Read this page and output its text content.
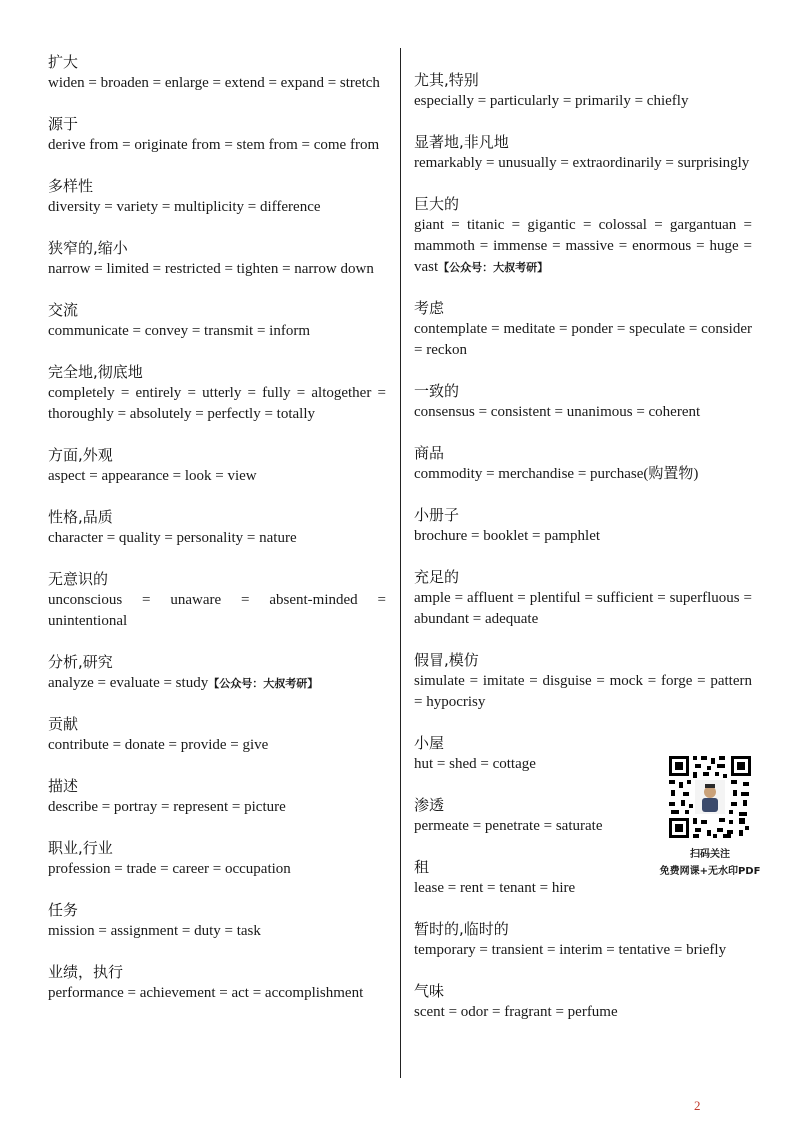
扩大
widen = broaden = enlarge = extend = expand = stretch
源于
derive from = originate from = stem from = come from
多样性
diversity = variety = multiplicity = difference
狭窄的,缩小
narrow = limited = restricted = tighten = narrow down
交流
communicate = convey = transmit = inform
完全地,彻底地
completely = entirely = utterly = fully = altogether = thoroughly = absolutely = perfectly = totally
方面,外观
aspect = appearance = look = view
性格,品质
character = quality = personality = nature
无意识的
unconscious = unaware = absent-minded = unintentional
分析,研究
analyze = evaluate = study【公众号：大叔考研】
贡献
contribute = donate = provide = give
描述
describe = portray = represent = picture
职业,行业
profession = trade = career = occupation
任务
mission = assignment = duty = task
业绩，执行
performance = achievement = act = accomplishment
尤其,特别
especially = particularly = primarily = chiefly
显著地,非凡地
remarkably = unusually = extraordinarily = surprisingly
巨大的
giant = titanic = gigantic = colossal = gargantuan = mammoth = immense = massive = enormous = huge = vast【公众号：大叔考研】
考虑
contemplate = meditate = ponder = speculate = consider = reckon
一致的
consensus = consistent = unanimous = coherent
商品
commodity = merchandise = purchase(购置物)
小册子
brochure = booklet = pamphlet
充足的
ample = affluent = plentiful = sufficient = superfluous = abundant = adequate
假冒,模仿
simulate = imitate = disguise = mock = forge = pattern = hypocrisy
小屋
hut = shed = cottage
渗透
permeate = penetrate = saturate
租
lease = rent = tenant = hire
暂时的,临时的
temporary = transient = interim = tentative = briefly
气味
scent = odor = fragrant = perfume
扫码关注
免费网课+无水印PDF
2
